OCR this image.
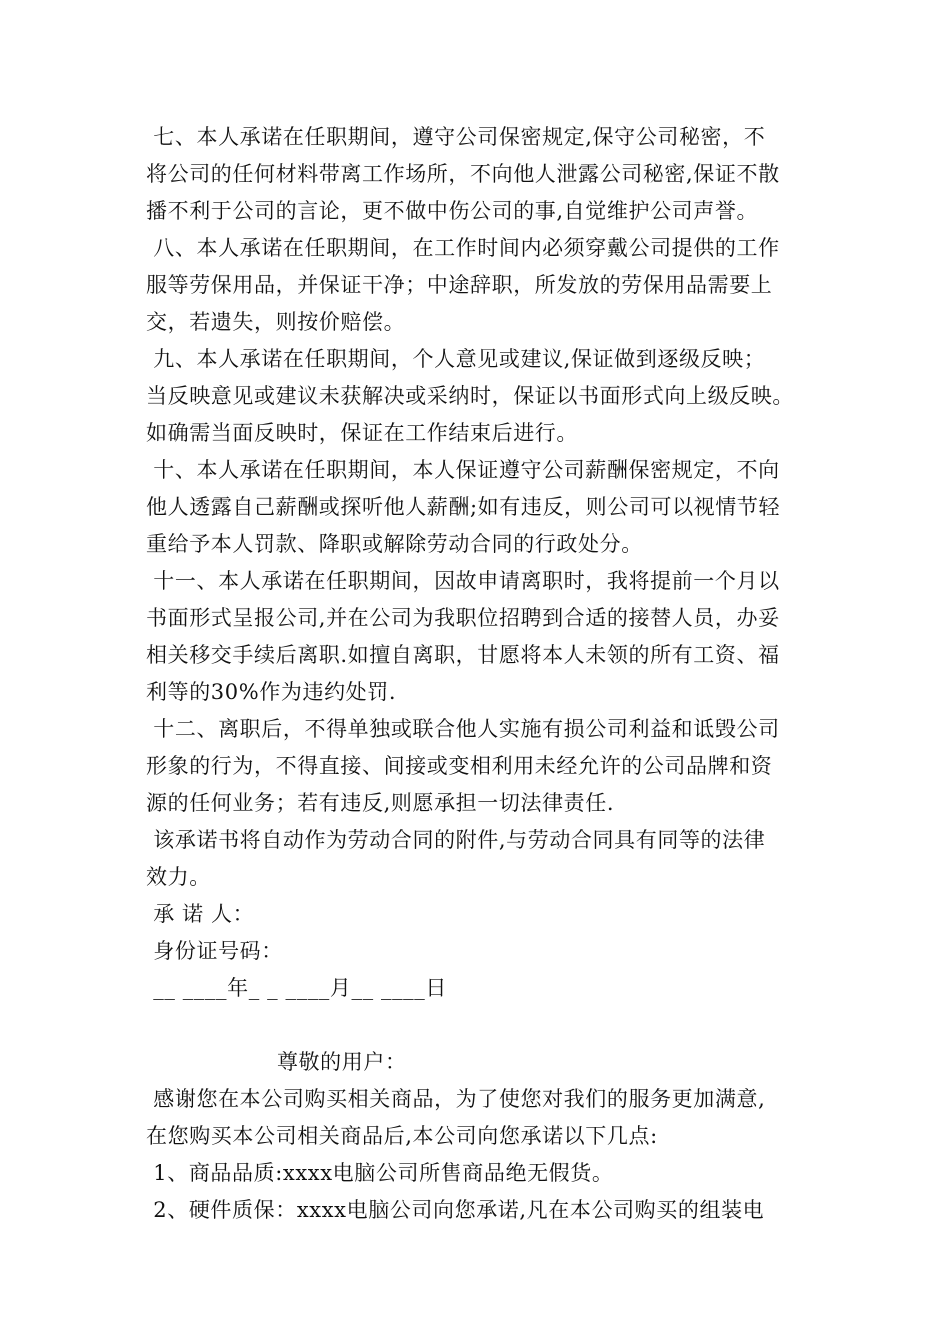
七、本人承诺在任职期间，遵守公司保密规定,保守公司秘密，不
将公司的任何材料带离工作场所，不向他人泄露公司秘密,保证不散
播不利于公司的言论，更不做中伤公司的事,自觉维护公司声誉。
八、本人承诺在任职期间，在工作时间内必须穿戴公司提供的工作
服等劳保用品，并保证干净；中途辞职，所发放的劳保用品需要上
交，若遗失，则按价赔偿。
九、本人承诺在任职期间，个人意见或建议,保证做到逐级反映；
当反映意见或建议未获解决或采纳时，保证以书面形式向上级反映。
如确需当面反映时，保证在工作结束后进行。
十、本人承诺在任职期间，本人保证遵守公司薪酬保密规定，不向
他人透露自己薪酬或探听他人薪酬;如有违反，则公司可以视情节轻
重给予本人罚款、降职或解除劳动合同的行政处分。
十一、本人承诺在任职期间，因故申请离职时，我将提前一个月以
书面形式呈报公司,并在公司为我职位招聘到合适的接替人员，办妥
相关移交手续后离职.如擅自离职，甘愿将本人未领的所有工资、福
利等的30%作为违约处罚.
十二、离职后，不得单独或联合他人实施有损公司利益和诋毁公司
形象的行为，不得直接、间接或变相利用未经允许的公司品牌和资
源的任何业务；若有违反,则愿承担一切法律责任.
该承诺书将自动作为劳动合同的附件,与劳动合同具有同等的法律
效力。
承 诺 人：
身份证号码：
__ ____年_ _ ____月__ ____日
尊敬的用户：
感谢您在本公司购买相关商品，为了使您对我们的服务更加满意,
在您购买本公司相关商品后,本公司向您承诺以下几点:
1、商品品质:xxxx电脑公司所售商品绝无假货。
2、硬件质保：xxxx电脑公司向您承诺,凡在本公司购买的组装电
